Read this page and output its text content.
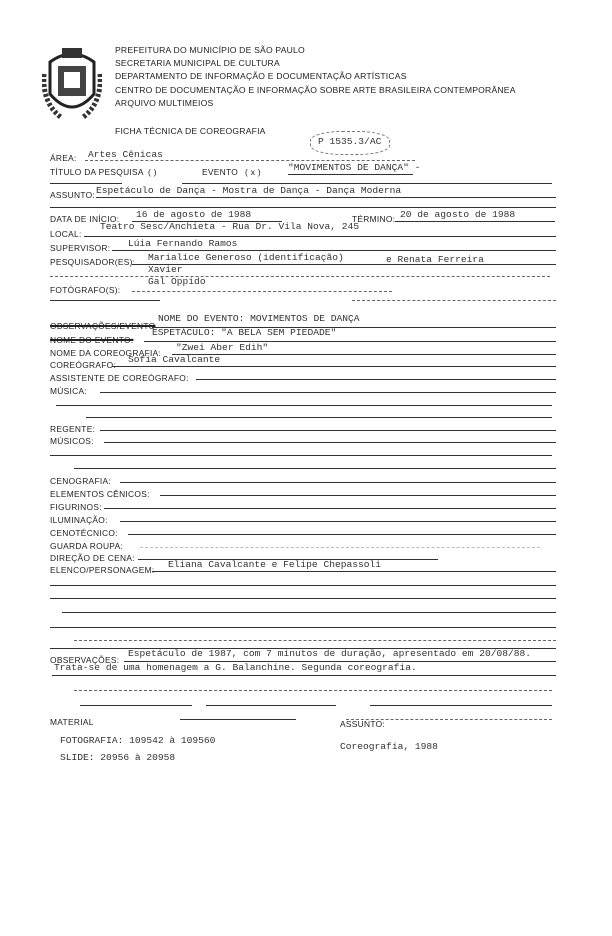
PREFEITURA DO MUNICÍPIO DE SÃO PAULO
SECRETARIA MUNICIPAL DE CULTURA
DEPARTAMENTO DE INFORMAÇÃO E DOCUMENTAÇÃO ARTÍSTICAS
CENTRO DE DOCUMENTAÇÃO E INFORMAÇÃO SOBRE ARTE BRASILEIRA CONTEMPORÂNEA
ARQUIVO MULTIMEIOS
FICHA TÉCNICA DE COREOGRAFIA
P 1535.3/AC
ÁREA: Artes Cênicas
TÍTULO DA PESQUISA ( )	EVENTO ( x )	"MOVIMENTOS DE DANÇA" -
ASSUNTO: Espetáculo de Dança - Mostra de Dança - Dança Moderna
DATA DE INÍCIO: 16 de agosto de 1988	TÉRMINO: 20 de agosto de 1988
LOCAL:
Teatro Sesc/Anchieta - Rua Dr. Vila Nova, 245
SUPERVISOR: Lúia Fernando Ramos
PESQUISADOR(ES): Marialice Generoso (identificação)	e Renata Ferreira
Xavier
FOTÓGRAFO(S):
Gal Oppido
OBSERVAÇÕES/EVENTO
NOME DO EVENTO: MOVIMENTOS DE DANÇA
NOME DO EVENTO:
ESPETÁCULO: "A BELA SEM PIEDADE"
NOME DA COREOGRAFIA: "Zwei Aber Edih"
COREÓGRAFO: Sofia Cavalcante
ASSISTENTE DE COREÓGRAFO:
MÚSICA:
REGENTE:
MÚSICOS:
CENOGRAFIA:
ELEMENTOS CÊNICOS:
FIGURINOS:
ILUMINAÇÃO:
CENOTÉCNICO:
GUARDA ROUPA:
DIREÇÃO DE CENA:
ELENCO/PERSONAGEM: Eliana Cavalcante e Felipe Chepassoli
OBSERVAÇÕES:
Espetáculo de 1987, com 7 minutos de duração, apresentado em 20/08/88.
Trata-se de uma homenagem a G. Balanchine. Segunda coreografia.
MATERIAL
FOTOGRAFIA: 109542 à 109560
SLIDE: 20956 à 20958
ASSUNTO:
Coreografia, 1988
